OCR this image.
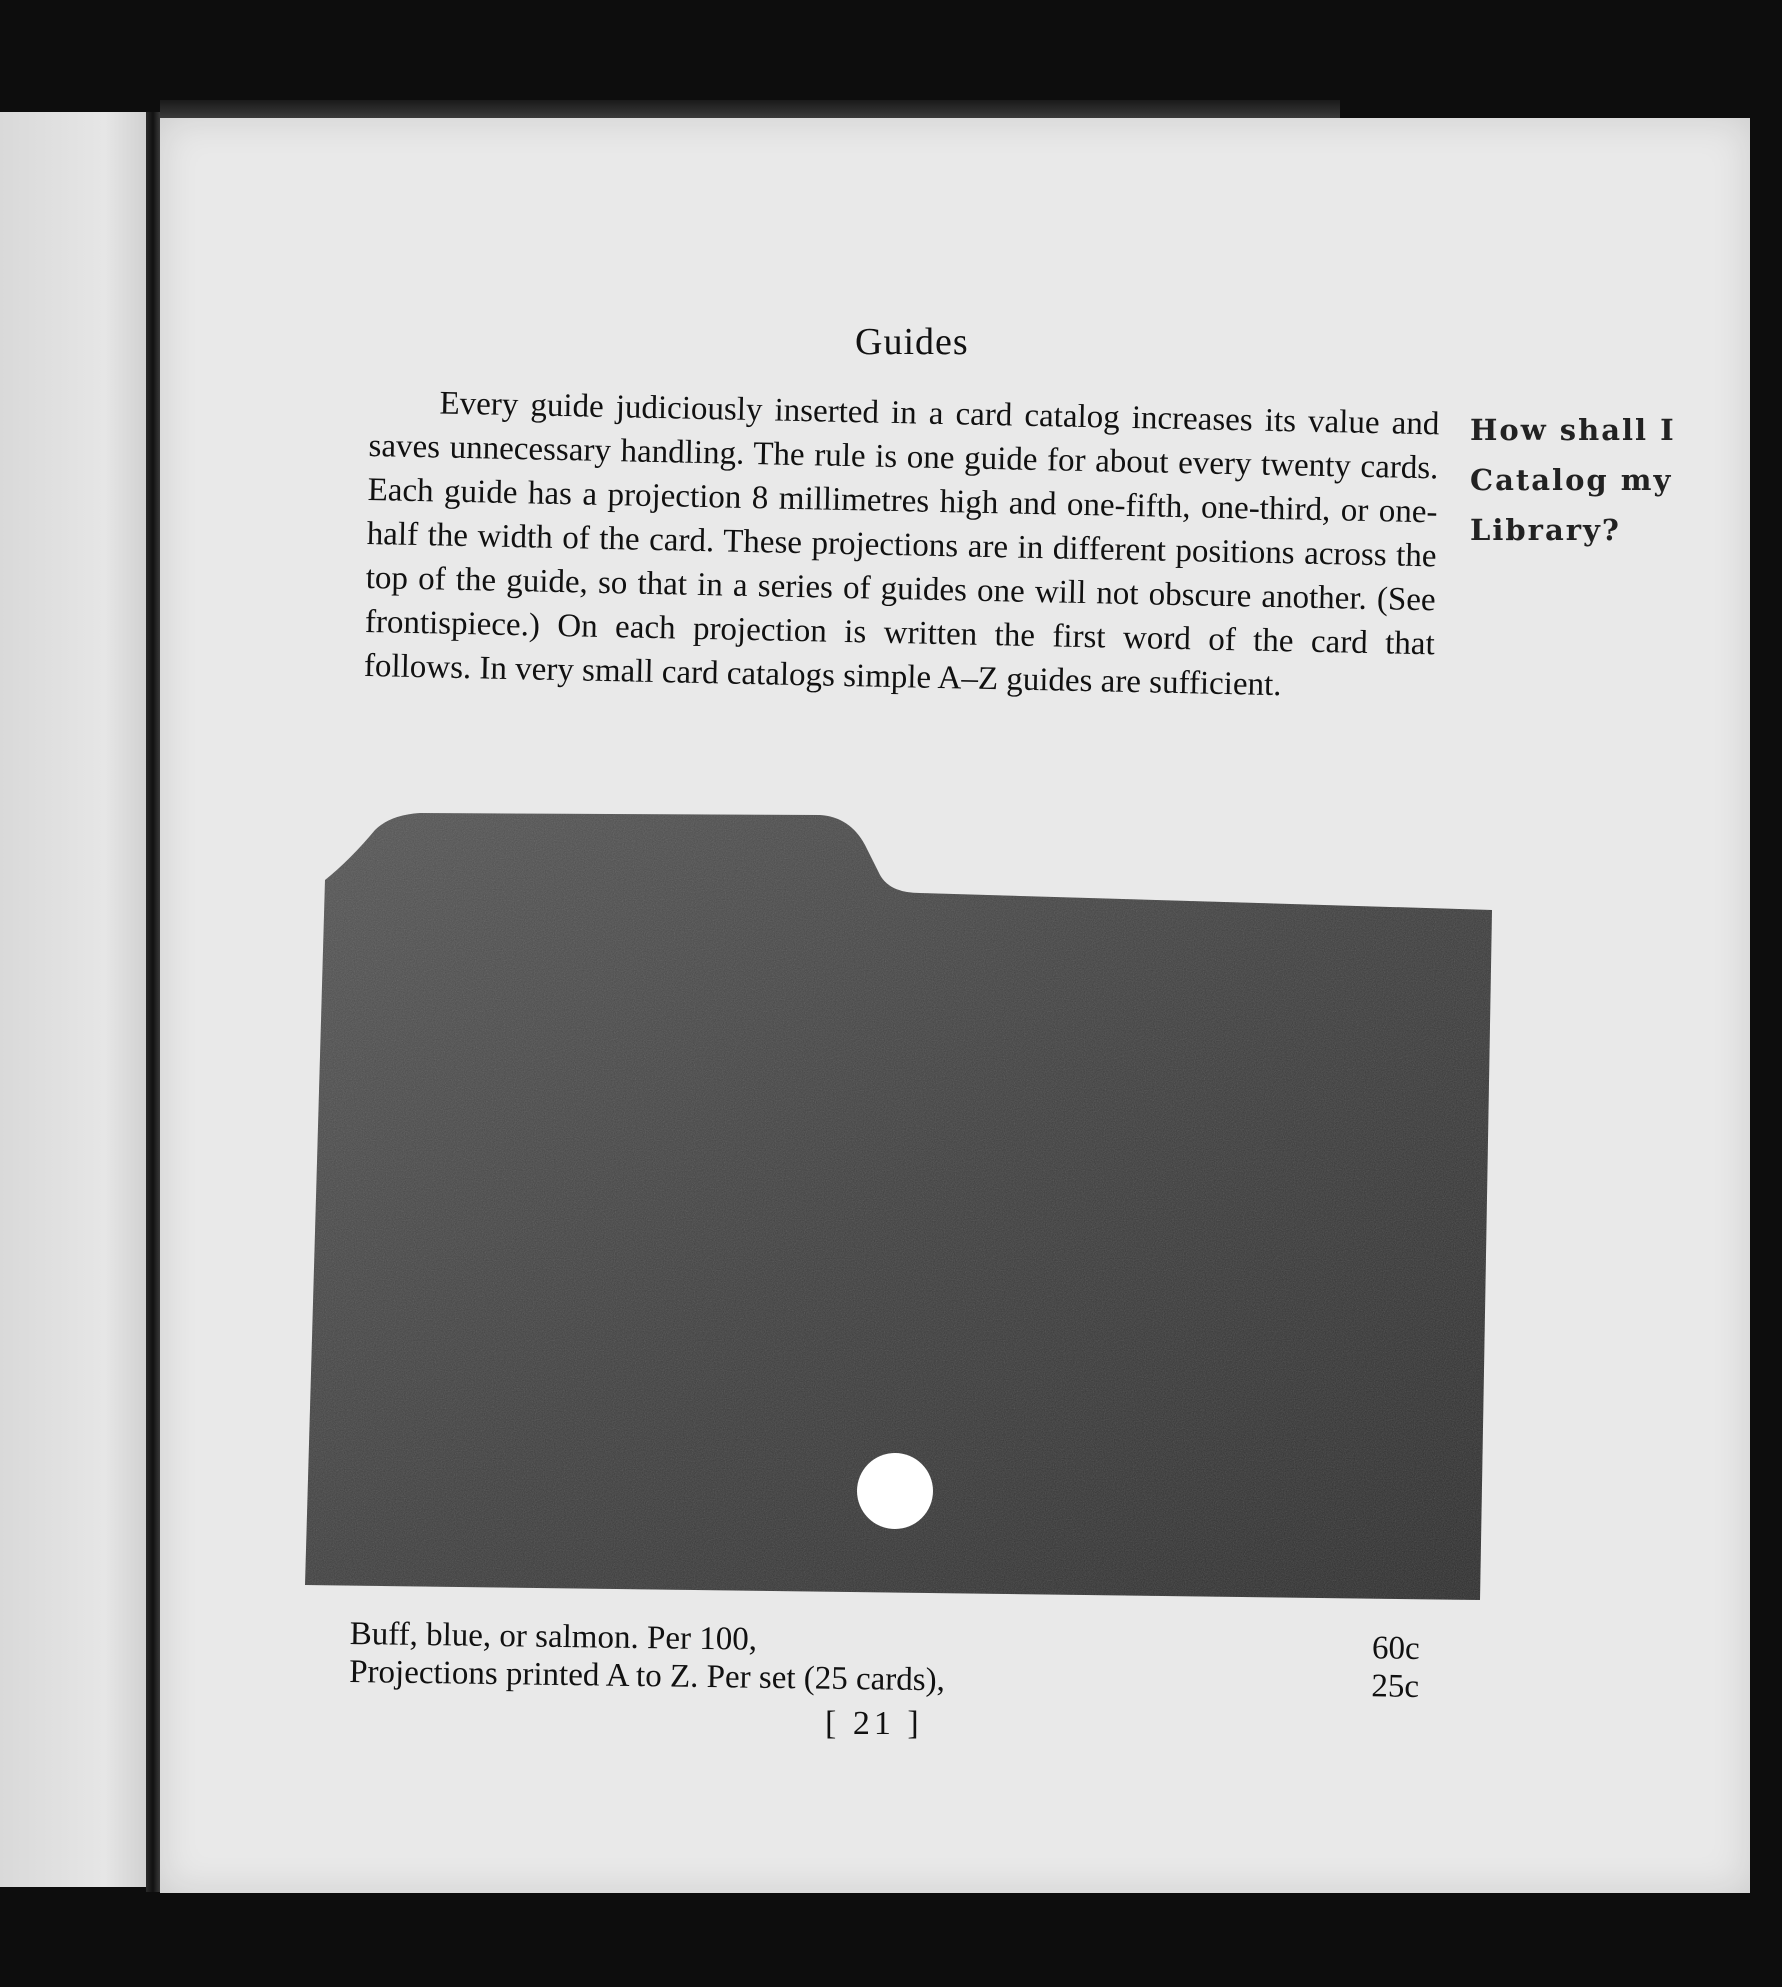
Guides
Every guide judiciously inserted in a card catalog increases its value and saves unnecessary handling. The rule is one guide for about every twenty cards. Each guide has a projection 8 millimetres high and one-fifth, one-third, or one-half the width of the card. These projections are in different positions across the top of the guide, so that in a series of guides one will not obscure another. (See frontispiece.) On each projection is written the first word of the card that follows. In very small card catalogs simple A–Z guides are sufficient.
How shall I
Catalog my
Library?
Buff, blue, or salmon. Per 100,	60c
Projections printed A to Z. Per set (25 cards),	25c
[ 21 ]
